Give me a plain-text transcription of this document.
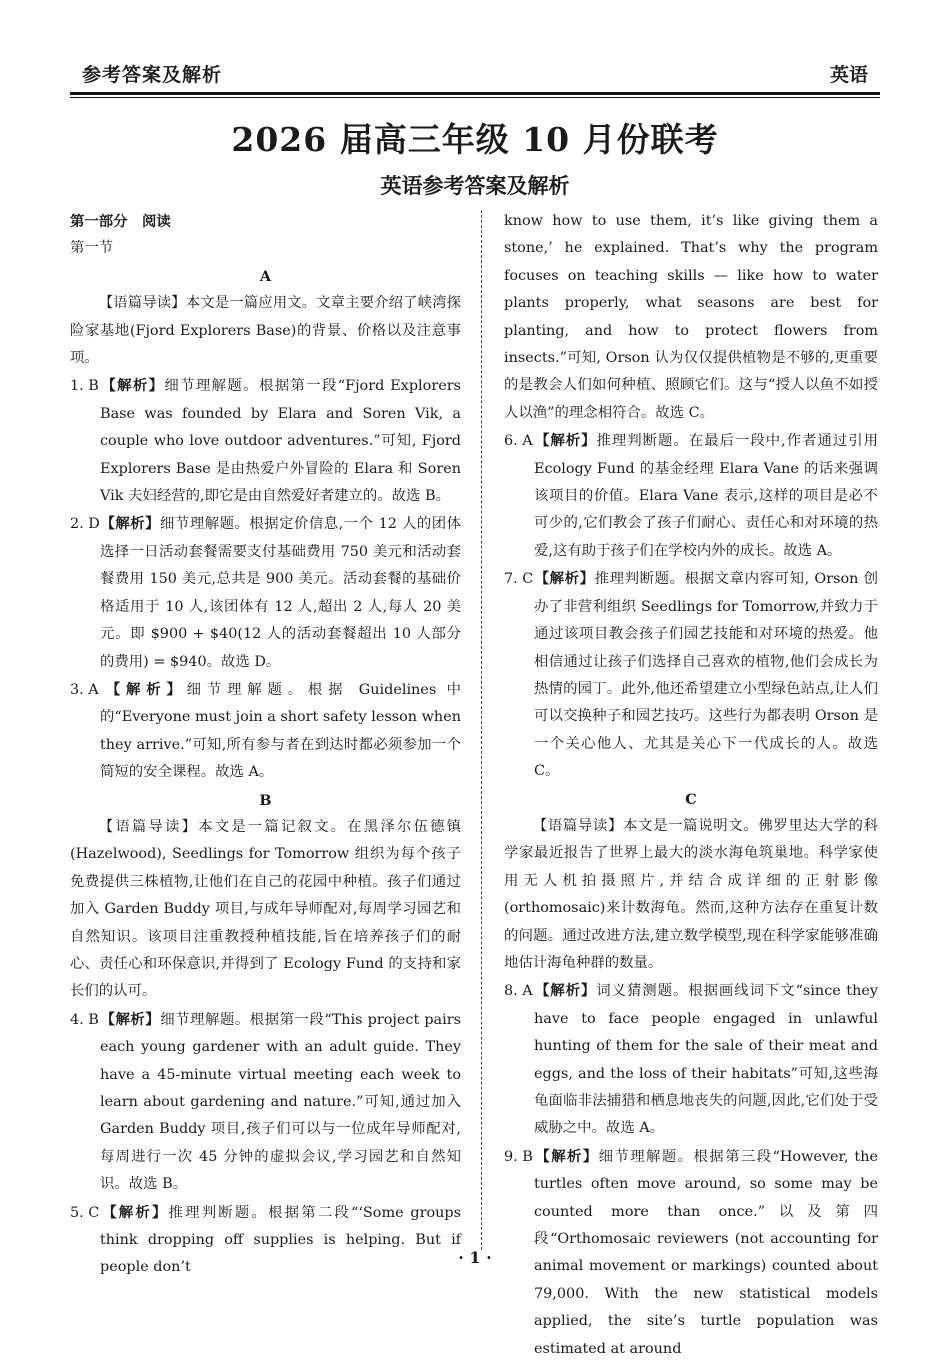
参考答案及解析	英语
2026 届高三年级 10 月份联考
英语参考答案及解析
第一部分　阅读
第一节
A
【语篇导读】本文是一篇应用文。文章主要介绍了峡湾探险家基地(Fjord Explorers Base)的背景、价格以及注意事项。
1. B【解析】细节理解题。根据第一段“Fjord Explorers Base was founded by Elara and Soren Vik, a couple who love outdoor adventures.”可知, Fjord Explorers Base 是由热爱户外冒险的 Elara 和 Soren Vik 夫妇经营的,即它是由自然爱好者建立的。故选 B。
2. D【解析】细节理解题。根据定价信息,一个 12 人的团体选择一日活动套餐需要支付基础费用 750 美元和活动套餐费用 150 美元,总共是 900 美元。活动套餐的基础价格适用于 10 人,该团体有 12 人,超出 2 人,每人 20 美元。即 $900 + $40(12 人的活动套餐超出 10 人部分的费用) = $940。故选 D。
3. A【解析】细节理解题。根据 Guidelines 中的“Everyone must join a short safety lesson when they arrive.”可知,所有参与者在到达时都必须参加一个简短的安全课程。故选 A。
B
【语篇导读】本文是一篇记叙文。在黑泽尔伍德镇(Hazelwood), Seedlings for Tomorrow 组织为每个孩子免费提供三株植物,让他们在自己的花园中种植。孩子们通过加入 Garden Buddy 项目,与成年导师配对,每周学习园艺和自然知识。该项目注重教授种植技能,旨在培养孩子们的耐心、责任心和环保意识,并得到了 Ecology Fund 的支持和家长们的认可。
4. B【解析】细节理解题。根据第一段“This project pairs each young gardener with an adult guide. They have a 45-minute virtual meeting each week to learn about gardening and nature.”可知,通过加入 Garden Buddy 项目,孩子们可以与一位成年导师配对,每周进行一次 45 分钟的虚拟会议,学习园艺和自然知识。故选 B。
5. C【解析】推理判断题。根据第二段“‘Some groups think dropping off supplies is helping. But if people don’t
know how to use them, it’s like giving them a stone,’ he explained. That’s why the program focuses on teaching skills — like how to water plants properly, what seasons are best for planting, and how to protect flowers from insects.”可知, Orson 认为仅仅提供植物是不够的,更重要的是教会人们如何种植、照顾它们。这与“授人以鱼不如授人以渔”的理念相符合。故选 C。
6. A【解析】推理判断题。在最后一段中,作者通过引用 Ecology Fund 的基金经理 Elara Vane 的话来强调该项目的价值。Elara Vane 表示,这样的项目是必不可少的,它们教会了孩子们耐心、责任心和对环境的热爱,这有助于孩子们在学校内外的成长。故选 A。
7. C【解析】推理判断题。根据文章内容可知, Orson 创办了非营利组织 Seedlings for Tomorrow,并致力于通过该项目教会孩子们园艺技能和对环境的热爱。他相信通过让孩子们选择自己喜欢的植物,他们会成长为热情的园丁。此外,他还希望建立小型绿色站点,让人们可以交换种子和园艺技巧。这些行为都表明 Orson 是一个关心他人、尤其是关心下一代成长的人。故选 C。
C
【语篇导读】本文是一篇说明文。佛罗里达大学的科学家最近报告了世界上最大的淡水海龟筑巢地。科学家使用无人机拍摄照片,并结合成详细的正射影像(orthomosaic)来计数海龟。然而,这种方法存在重复计数的问题。通过改进方法,建立数学模型,现在科学家能够准确地估计海龟种群的数量。
8. A【解析】词义猜测题。根据画线词下文“since they have to face people engaged in unlawful hunting of them for the sale of their meat and eggs, and the loss of their habitats”可知,这些海龟面临非法捕猎和栖息地丧失的问题,因此,它们处于受威胁之中。故选 A。
9. B【解析】细节理解题。根据第三段“However, the turtles often move around, so some may be counted more than once.”以及第四段“Orthomosaic reviewers (not accounting for animal movement or markings) counted about 79,000. With the new statistical models applied, the site’s turtle population was estimated at around
· 1 ·
